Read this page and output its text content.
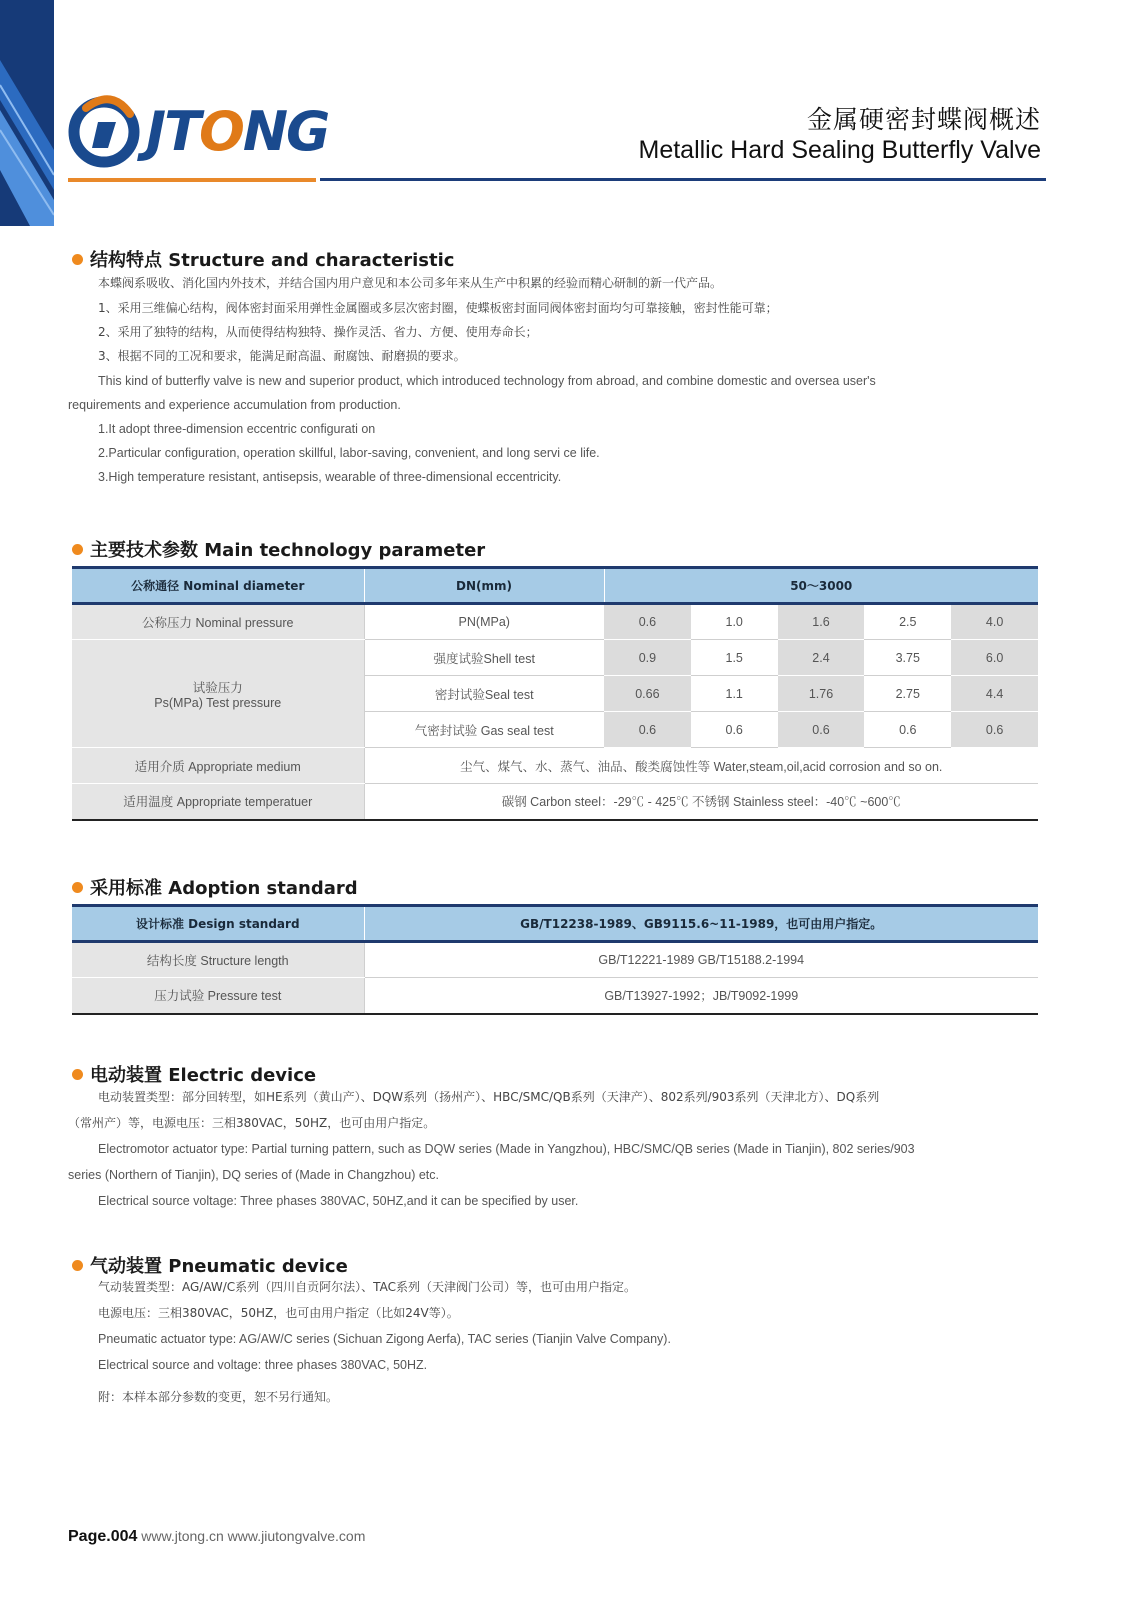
JTONG	金属硬密封蝶阀概述
Metallic Hard Sealing Butterfly Valve
结构特点 Structure and characteristic
本蝶阀系吸收、消化国内外技术，并结合国内用户意见和本公司多年来从生产中积累的经验而精心研制的新一代产品。
1、采用三维偏心结构，阀体密封面采用弹性金属圈或多层次密封圈，使蝶板密封面同阀体密封面均匀可靠接触，密封性能可靠；
2、采用了独特的结构，从而使得结构独特、操作灵活、省力、方便、使用寿命长；
3、根据不同的工况和要求，能满足耐高温、耐腐蚀、耐磨损的要求。
This kind of butterfly valve is new and superior product, which introduced technology from abroad, and combine domestic and oversea user's
requirements and experience accumulation from production.
1.It adopt three-dimension eccentric configurati on
2.Particular configuration, operation skillful, labor-saving, convenient, and long servi ce life.
3.High temperature resistant, antisepsis, wearable of three-dimensional eccentricity.
主要技术参数 Main technology parameter
公称通径 Nominal diameter	DN(mm)	50～3000				
公称压力 Nominal pressure	PN(MPa)	0.6	1.0	1.6	2.5	4.0

试验压力
Ps(MPa) Test pressure	强度试验Shell test	0.9	1.5	2.4	3.75	6.0
	密封试验Seal test	0.66	1.1	1.76	2.75	4.4
	气密封试验 Gas seal test	0.6	0.6	0.6	0.6	0.6
适用介质 Appropriate medium	尘气、煤气、水、蒸气、油品、酸类腐蚀性等 Water,steam,oil,acid corrosion and so on.					
适用温度 Appropriate temperatuer	碳钢 Carbon steel：-29℃ - 425℃ 不锈钢 Stainless steel：-40℃ ~600℃					
采用标准 Adoption standard
设计标准 Design standard	GB/T12238-1989、GB9115.6~11-1989，也可由用户指定。
结构长度 Structure length	GB/T12221-1989 GB/T15188.2-1994
压力试验 Pressure test	GB/T13927-1992；JB/T9092-1999
电动装置 Electric device
电动装置类型：部分回转型，如HE系列（黄山产）、DQW系列（扬州产）、HBC/SMC/QB系列（天津产）、802系列/903系列（天津北方）、DQ系列
（常州产）等，电源电压：三相380VAC，50HZ，也可由用户指定。
Electromotor actuator type: Partial turning pattern, such as DQW series (Made in Yangzhou), HBC/SMC/QB series (Made in Tianjin), 802 series/903
series (Northern of Tianjin), DQ series of (Made in Changzhou) etc.
Electrical source voltage: Three phases 380VAC, 50HZ,and it can be specified by user.
气动装置 Pneumatic device
气动装置类型：AG/AW/C系列（四川自贡阿尔法）、TAC系列（天津阀门公司）等，也可由用户指定。
电源电压：三相380VAC，50HZ，也可由用户指定（比如24V等）。
Pneumatic actuator type: AG/AW/C series (Sichuan Zigong Aerfa), TAC series (Tianjin Valve Company).
Electrical source and voltage: three phases 380VAC, 50HZ.
附：本样本部分参数的变更，恕不另行通知。
Page.004 www.jtong.cn www.jiutongvalve.com
